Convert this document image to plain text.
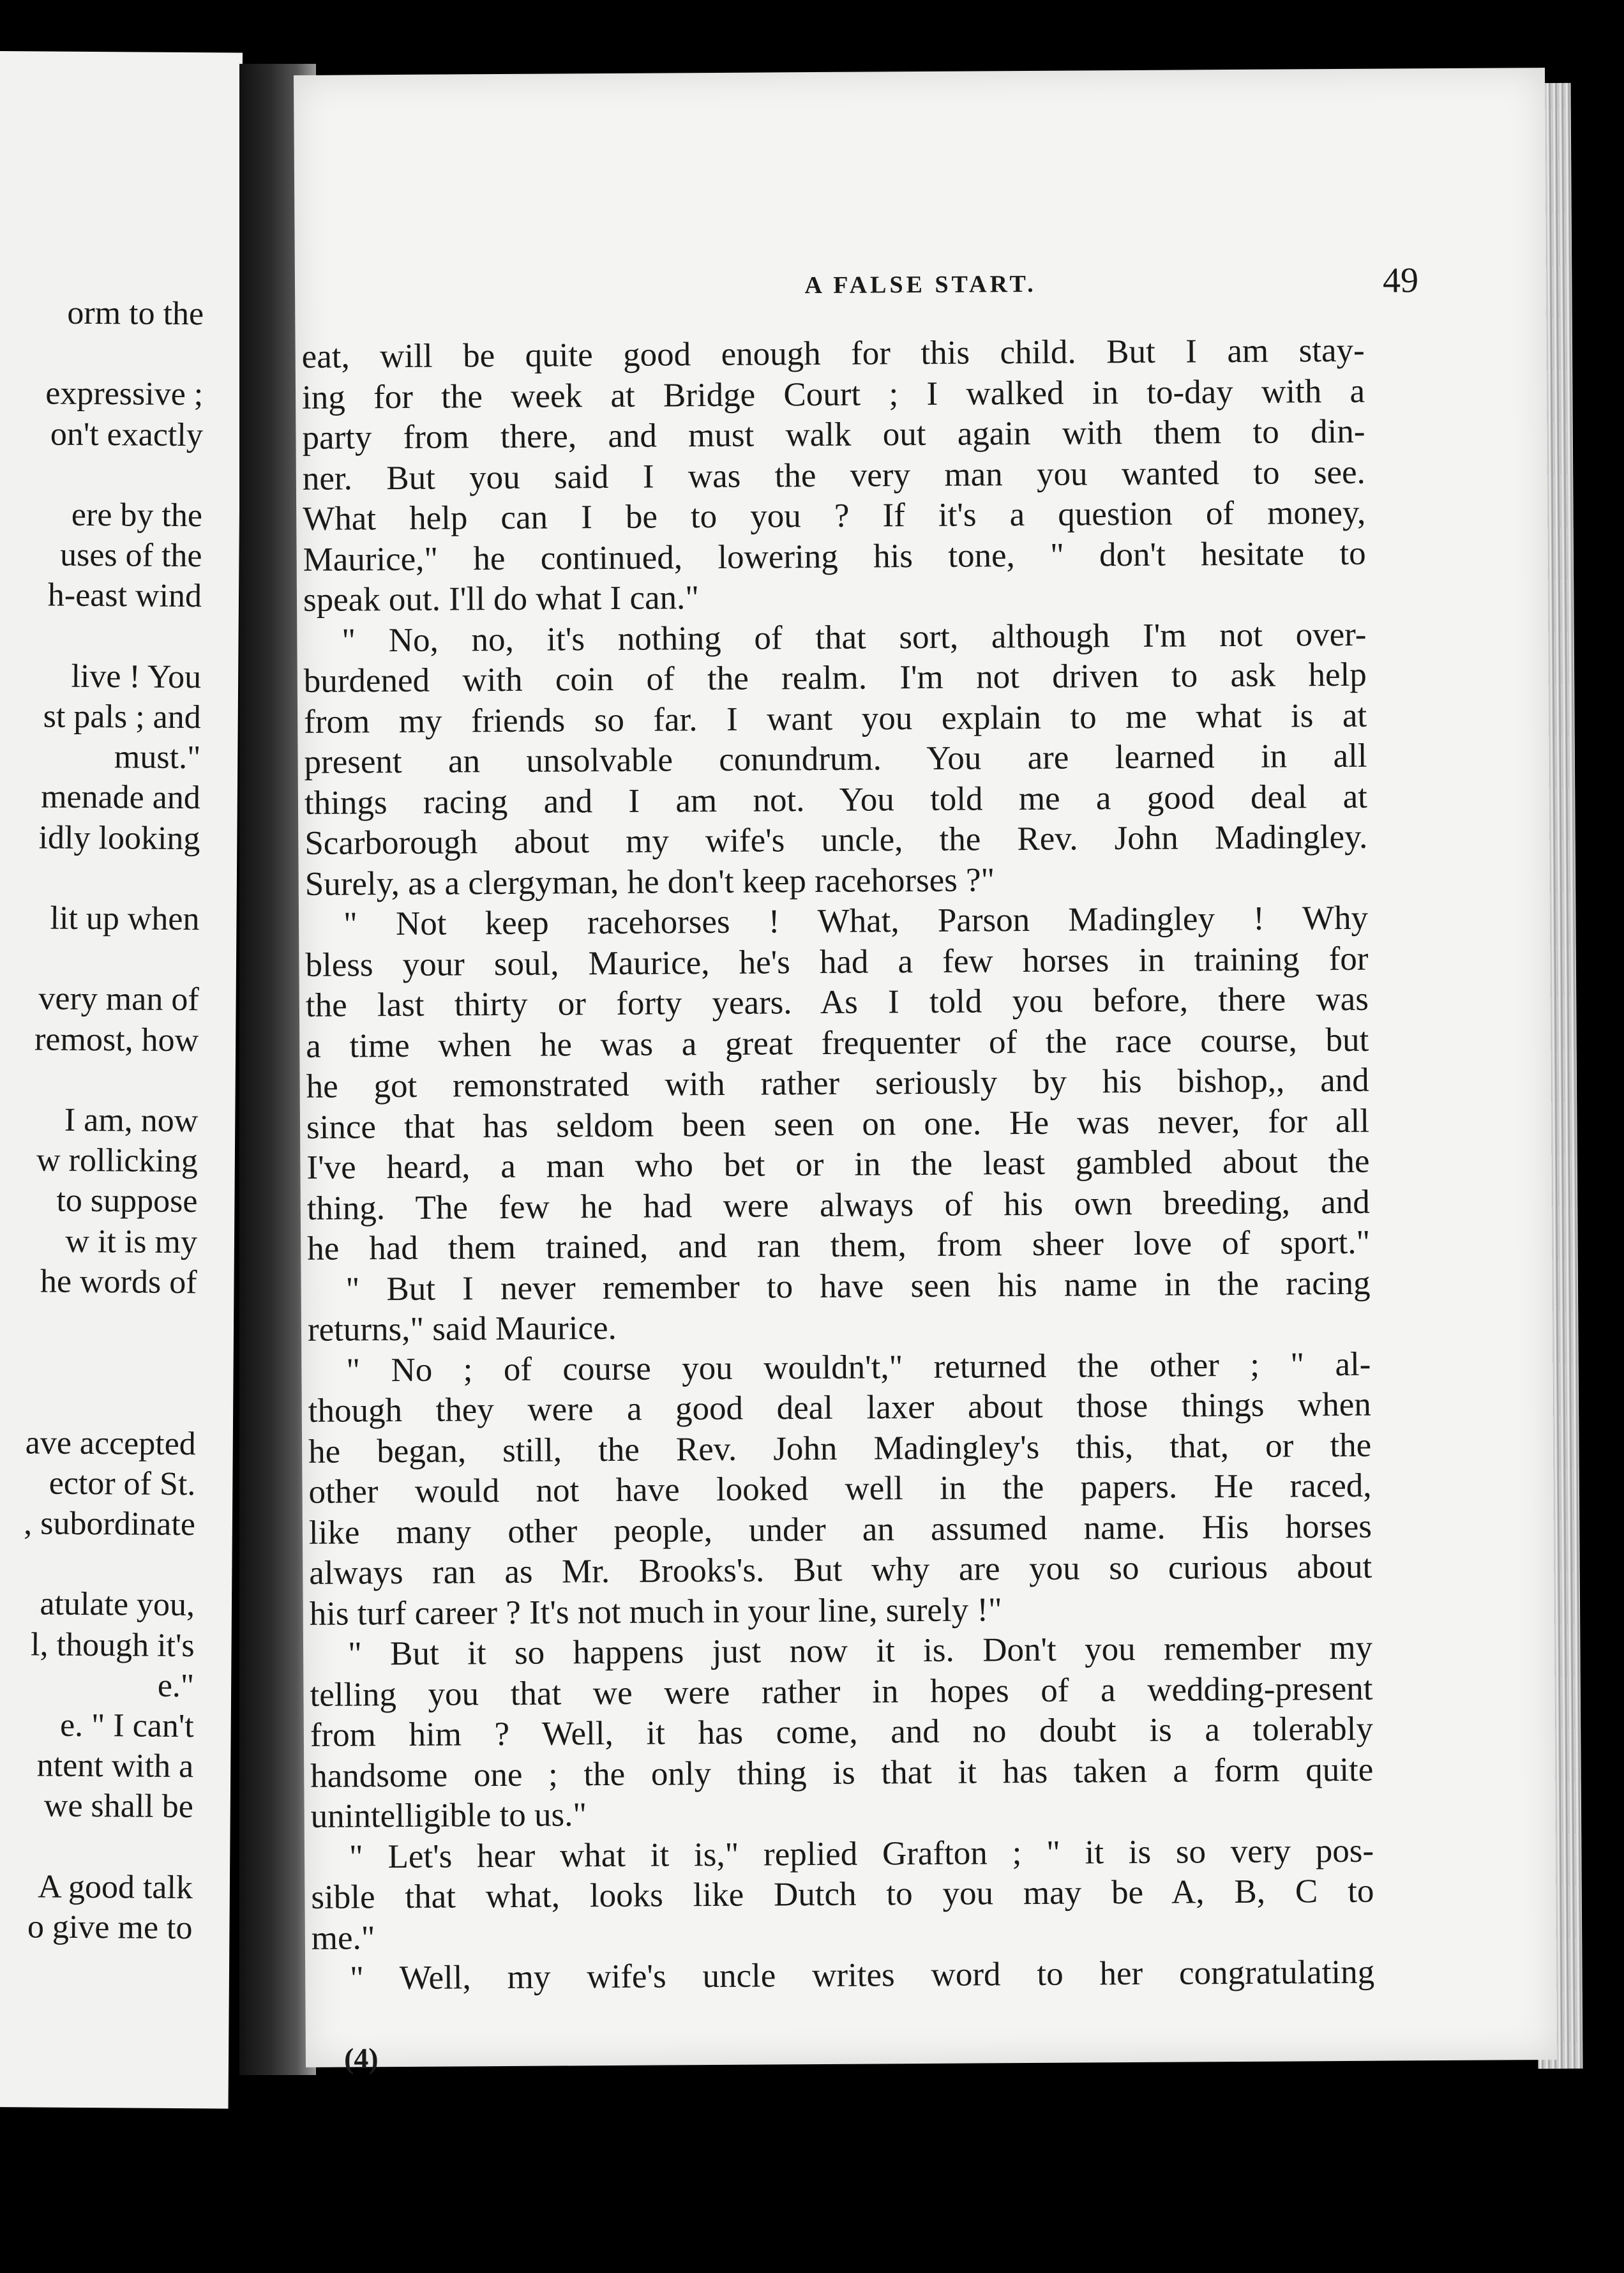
orm to the
expressive ;
on't exactly
ere by the
uses of the
h-east wind
live ! You
st pals ; and
must."
menade and
idly looking
lit up when
very man of
remost, how
I am, now
w rollicking
to suppose
w it is my
he words of
ave accepted
ector of St.
, subordinate
atulate you,
l, though it's
e."
e. " I can't
ntent with a
we shall be
A good talk
o give me to
A FALSE START.	49
eat, will be quite good enough for this child. But I am stay-
ing for the week at Bridge Court ; I walked in to-day with a
party from there, and must walk out again with them to din-
ner. But you said I was the very man you wanted to see.
What help can I be to you ? If it's a question of money,
Maurice," he continued, lowering his tone, " don't hesitate to
speak out. I'll do what I can."
" No, no, it's nothing of that sort, although I'm not over-
burdened with coin of the realm. I'm not driven to ask help
from my friends so far. I want you explain to me what is at
present an unsolvable conundrum. You are learned in all
things racing and I am not. You told me a good deal at
Scarborough about my wife's uncle, the Rev. John Madingley.
Surely, as a clergyman, he don't keep racehorses ?"
" Not keep racehorses ! What, Parson Madingley ! Why
bless your soul, Maurice, he's had a few horses in training for
the last thirty or forty years. As I told you before, there was
a time when he was a great frequenter of the race course, but
he got remonstrated with rather seriously by his bishop,, and
since that has seldom been seen on one. He was never, for all
I've heard, a man who bet or in the least gambled about the
thing. The few he had were always of his own breeding, and
he had them trained, and ran them, from sheer love of sport."
" But I never remember to have seen his name in the racing
returns," said Maurice.
" No ; of course you wouldn't," returned the other ; " al-
though they were a good deal laxer about those things when
he began, still, the Rev. John Madingley's this, that, or the
other would not have looked well in the papers. He raced,
like many other people, under an assumed name. His horses
always ran as Mr. Brooks's. But why are you so curious about
his turf career ? It's not much in your line, surely !"
" But it so happens just now it is. Don't you remember my
telling you that we were rather in hopes of a wedding-present
from him ? Well, it has come, and no doubt is a tolerably
handsome one ; the only thing is that it has taken a form quite
unintelligible to us."
" Let's hear what it is," replied Grafton ; " it is so very pos-
sible that what, looks like Dutch to you may be A, B, C to
me."
" Well, my wife's uncle writes word to her congratulating
(4)
